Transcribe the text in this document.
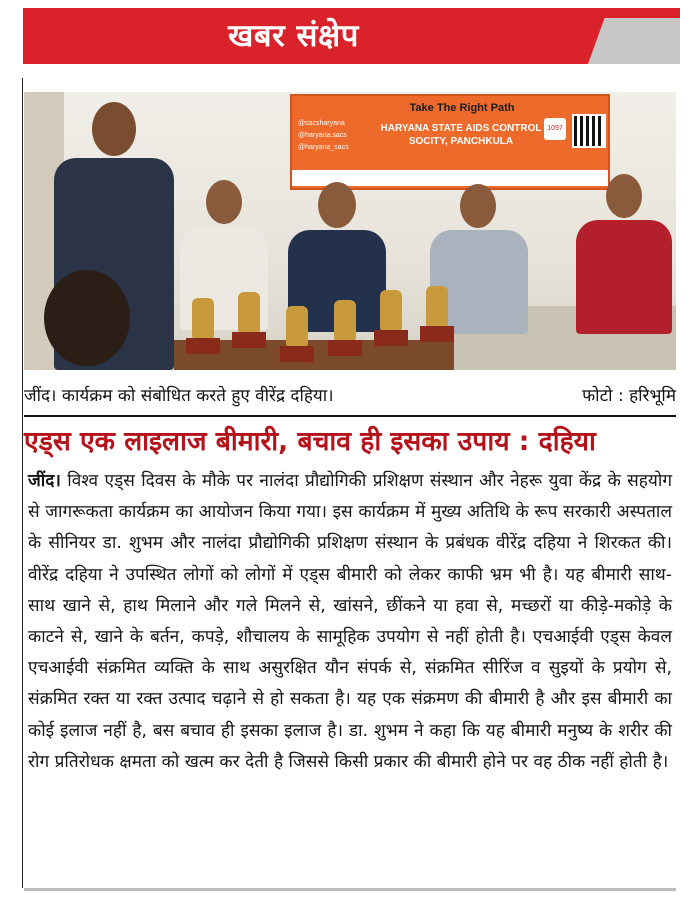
खबर संक्षेप
@sacsharyana
@haryana.sacs
@haryana_sacs
Take The Right Path
HARYANA STATE AIDS CONTROL SOCITY, PANCHKULA
1097
जींद। कार्यक्रम को संबोधित करते हुए वीरेंद्र दहिया।	फोटो : हरिभूमि
एड्स एक लाइलाज बीमारी, बचाव ही इसका उपाय : दहिया
जींद। विश्व एड्स दिवस के मौके पर नालंदा प्रौद्योगिकी प्रशिक्षण संस्थान और नेहरू युवा केंद्र के सहयोग से जागरूकता कार्यक्रम का आयोजन किया गया। इस कार्यक्रम में मुख्य अतिथि के रूप सरकारी अस्पताल के सीनियर डा. शुभम और नालंदा प्रौद्योगिकी प्रशिक्षण संस्थान के प्रबंधक वीरेंद्र दहिया ने शिरकत की। वीरेंद्र दहिया ने उपस्थित लोगों को लोगों में एड्स बीमारी को लेकर काफी भ्रम भी है। यह बीमारी साथ-साथ खाने से, हाथ मिलाने और गले मिलने से, खांसने, छींकने या हवा से, मच्छरों या कीड़े-मकोड़े के काटने से, खाने के बर्तन, कपड़े, शौचालय के सामूहिक उपयोग से नहीं होती है। एचआईवी एड्स केवल एचआईवी संक्रमित व्यक्ति के साथ असुरक्षित यौन संपर्क से, संक्रमित सीरिंज व सुइयों के प्रयोग से, संक्रमित रक्त या रक्त उत्पाद चढ़ाने से हो सकता है। यह एक संक्रमण की बीमारी है और इस बीमारी का कोई इलाज नहीं है, बस बचाव ही इसका इलाज है। डा. शुभम ने कहा कि यह बीमारी मनुष्य के शरीर की रोग प्रतिरोधक क्षमता को खत्म कर देती है जिससे किसी प्रकार की बीमारी होने पर वह ठीक नहीं होती है।
